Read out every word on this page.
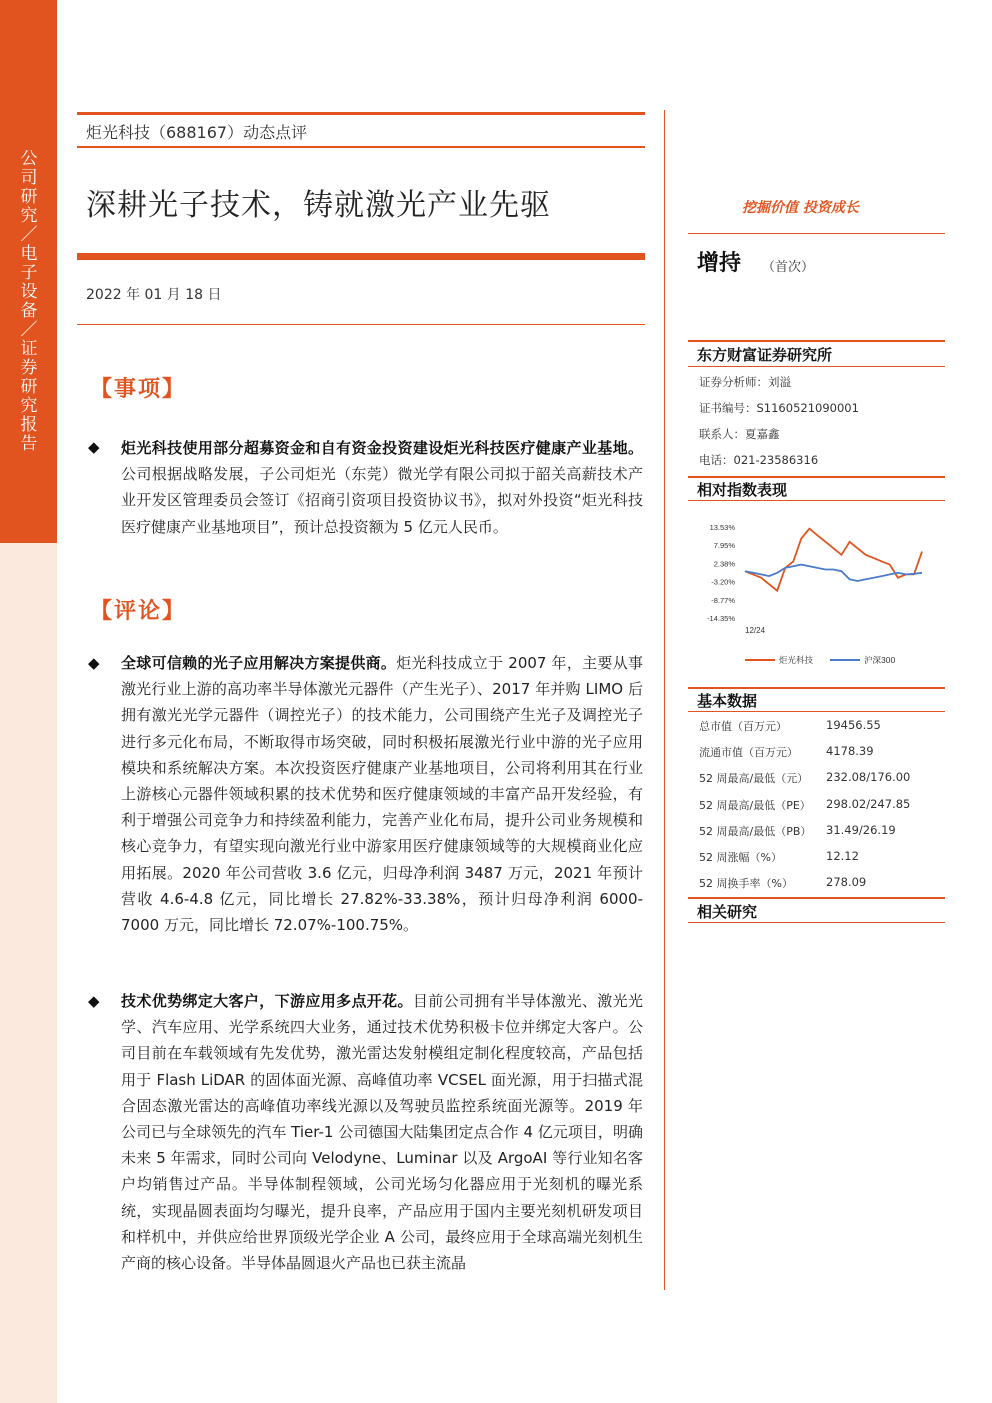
公
司
研
究
／
电
子
设
备
／
证
券
研
究
报
告
炬光科技（688167）动态点评
深耕光子技术，铸就激光产业先驱
2022 年 01 月 18 日
【事项】
◆ 炬光科技使用部分超募资金和自有资金投资建设炬光科技医疗健康产业基地。公司根据战略发展，子公司炬光（东莞）微光学有限公司拟于韶关高薪技术产业开发区管理委员会签订《招商引资项目投资协议书》，拟对外投资“炬光科技医疗健康产业基地项目”，预计总投资额为 5 亿元人民币。
【评论】
◆ 全球可信赖的光子应用解决方案提供商。炬光科技成立于 2007 年，主要从事激光行业上游的高功率半导体激光元器件（产生光子）、2017 年并购 LIMO 后拥有激光光学元器件（调控光子）的技术能力，公司围绕产生光子及调控光子进行多元化布局，不断取得市场突破，同时积极拓展激光行业中游的光子应用模块和系统解决方案。本次投资医疗健康产业基地项目，公司将利用其在行业上游核心元器件领域积累的技术优势和医疗健康领域的丰富产品开发经验，有利于增强公司竞争力和持续盈利能力，完善产业化布局，提升公司业务规模和核心竞争力，有望实现向激光行业中游家用医疗健康领域等的大规模商业化应用拓展。2020 年公司营收 3.6 亿元，归母净利润 3487 万元，2021 年预计营收 4.6-4.8 亿元，同比增长 27.82%-33.38%，预计归母净利润 6000-7000 万元，同比增长 72.07%-100.75%。
◆ 技术优势绑定大客户，下游应用多点开花。目前公司拥有半导体激光、激光光学、汽车应用、光学系统四大业务，通过技术优势积极卡位并绑定大客户。公司目前在车载领域有先发优势，激光雷达发射模组定制化程度较高，产品包括用于 Flash LiDAR 的固体面光源、高峰值功率 VCSEL 面光源，用于扫描式混合固态激光雷达的高峰值功率线光源以及驾驶员监控系统面光源等。2019 年公司已与全球领先的汽车 Tier-1 公司德国大陆集团定点合作 4 亿元项目，明确未来 5 年需求，同时公司向 Velodyne、Luminar 以及 ArgoAI 等行业知名客户均销售过产品。半导体制程领域，公司光场匀化器应用于光刻机的曝光系统，实现晶圆表面均匀曝光，提升良率，产品应用于国内主要光刻机研发项目和样机中，并供应给世界顶级光学企业 A 公司，最终应用于全球高端光刻机生产商的核心设备。半导体晶圆退火产品也已获主流晶
挖掘价值 投资成长
增持 （首次）
东方财富证券研究所
证券分析师：刘溢
证书编号：S1160521090001
联系人：夏嘉鑫
电话：021-23586316
相对指数表现
13.53%
7.95%
2.38%
-3.20%
-8.77%
-14.35%
12/24
炬光科技	沪深300
基本数据
总市值（百万元）	19456.55
流通市值（百万元） 4178.39
52 周最高/最低（元） 232.08/176.00
52 周最高/最低（PE） 298.02/247.85
52 周最高/最低（PB） 31.49/26.19
52 周涨幅（%）	12.12
52 周换手率（%）	278.09
相关研究
